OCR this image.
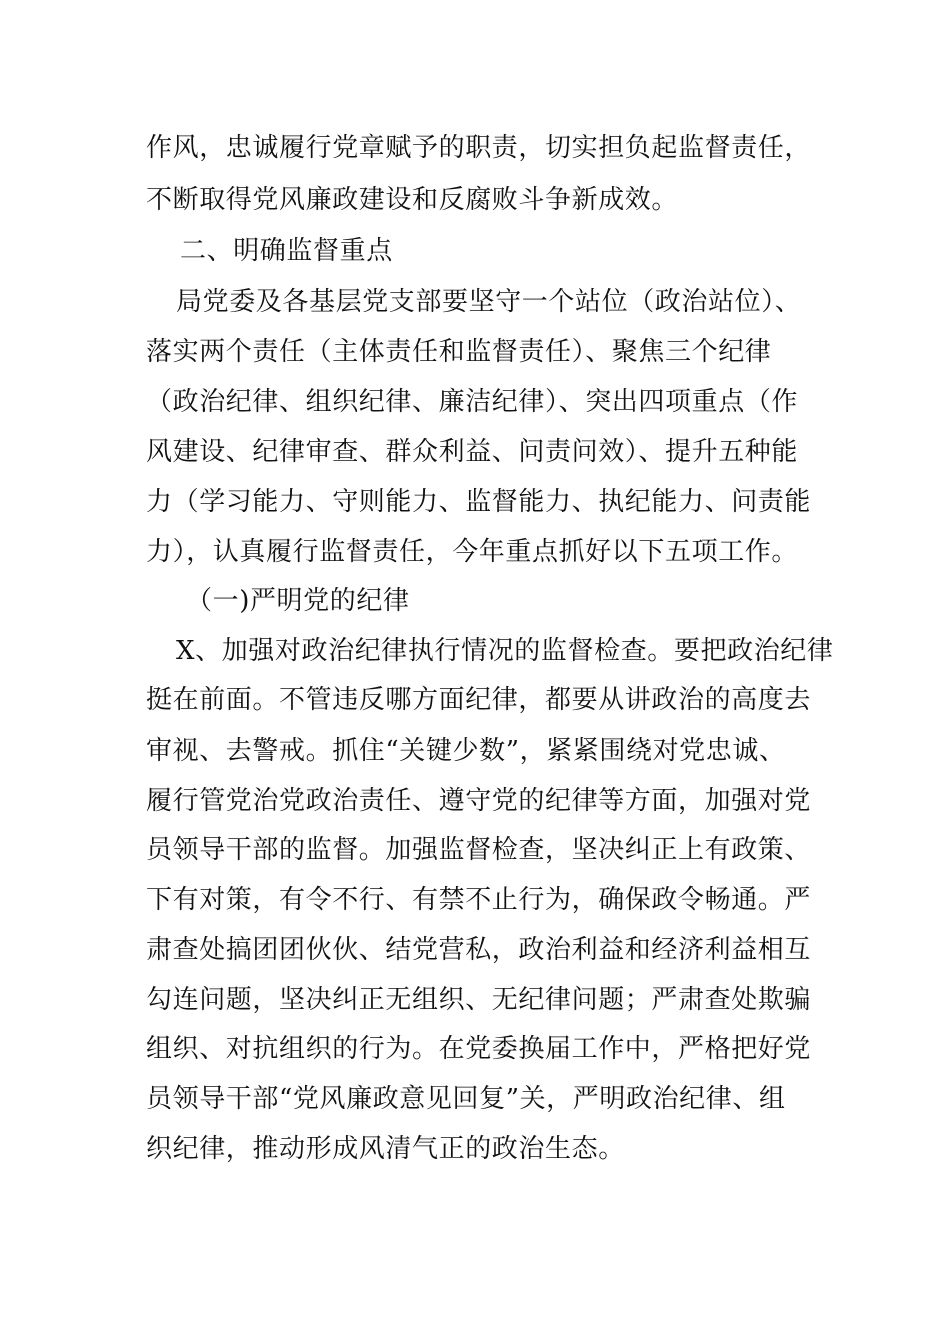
作风，忠诚履行党章赋予的职责，切实担负起监督责任，
不断取得党风廉政建设和反腐败斗争新成效。
二、明确监督重点
局党委及各基层党支部要坚守一个站位（政治站位）、
落实两个责任（主体责任和监督责任）、聚焦三个纪律
（政治纪律、组织纪律、廉洁纪律）、突出四项重点（作
风建设、纪律审查、群众利益、问责问效）、提升五种能
力（学习能力、守则能力、监督能力、执纪能力、问责能
力），认真履行监督责任，今年重点抓好以下五项工作。
（一)严明党的纪律
X、加强对政治纪律执行情况的监督检查。要把政治纪律
挺在前面。不管违反哪方面纪律，都要从讲政治的高度去
审视、去警戒。抓住“关键少数”，紧紧围绕对党忠诚、
履行管党治党政治责任、遵守党的纪律等方面，加强对党
员领导干部的监督。加强监督检查，坚决纠正上有政策、
下有对策，有令不行、有禁不止行为，确保政令畅通。严
肃查处搞团团伙伙、结党营私，政治利益和经济利益相互
勾连问题，坚决纠正无组织、无纪律问题；严肃查处欺骗
组织、对抗组织的行为。在党委换届工作中，严格把好党
员领导干部“党风廉政意见回复”关，严明政治纪律、组
织纪律，推动形成风清气正的政治生态。
